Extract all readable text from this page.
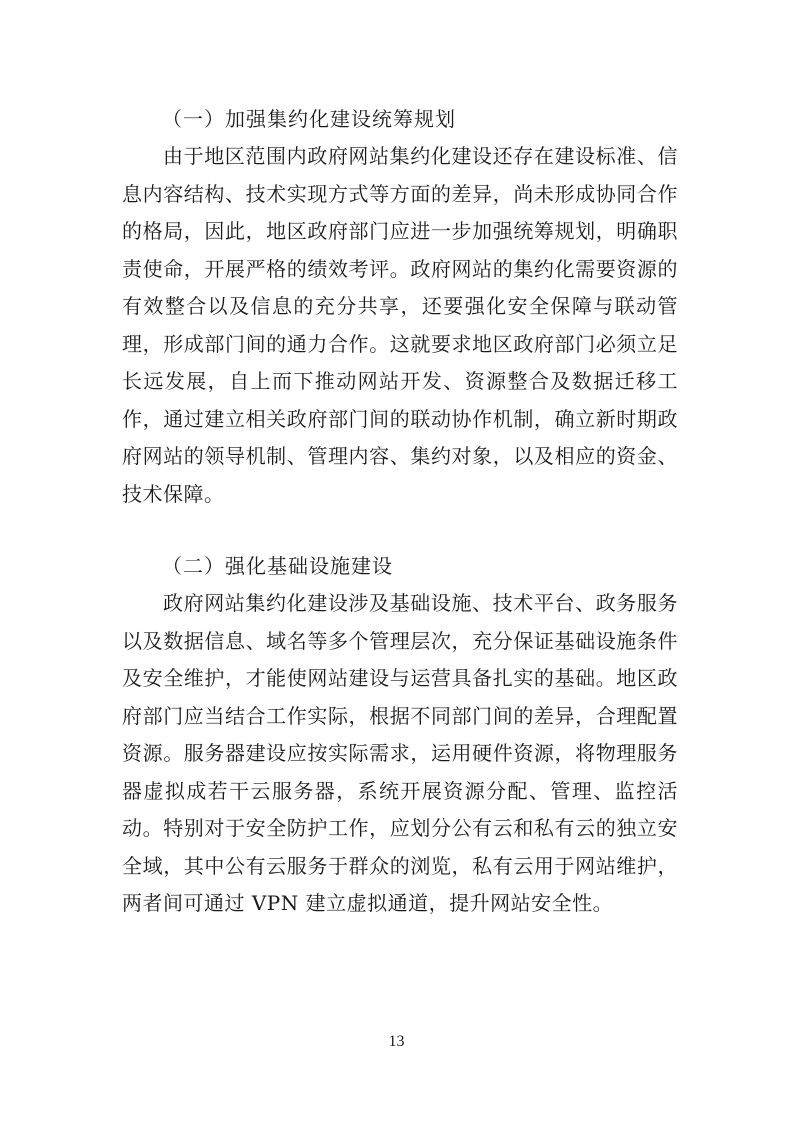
（一）加强集约化建设统筹规划

由于地区范围内政府网站集约化建设还存在建设标准、信息内容结构、技术实现方式等方面的差异，尚未形成协同合作的格局，因此，地区政府部门应进一步加强统筹规划，明确职责使命，开展严格的绩效考评。政府网站的集约化需要资源的有效整合以及信息的充分共享，还要强化安全保障与联动管理，形成部门间的通力合作。这就要求地区政府部门必须立足长远发展，自上而下推动网站开发、资源整合及数据迁移工作，通过建立相关政府部门间的联动协作机制，确立新时期政府网站的领导机制、管理内容、集约对象，以及相应的资金、技术保障。

（二）强化基础设施建设

政府网站集约化建设涉及基础设施、技术平台、政务服务以及数据信息、域名等多个管理层次，充分保证基础设施条件及安全维护，才能使网站建设与运营具备扎实的基础。地区政府部门应当结合工作实际，根据不同部门间的差异，合理配置资源。服务器建设应按实际需求，运用硬件资源，将物理服务器虚拟成若干云服务器，系统开展资源分配、管理、监控活动。特别对于安全防护工作，应划分公有云和私有云的独立安全域，其中公有云服务于群众的浏览，私有云用于网站维护，两者间可通过 VPN 建立虚拟通道，提升网站安全性。

13
